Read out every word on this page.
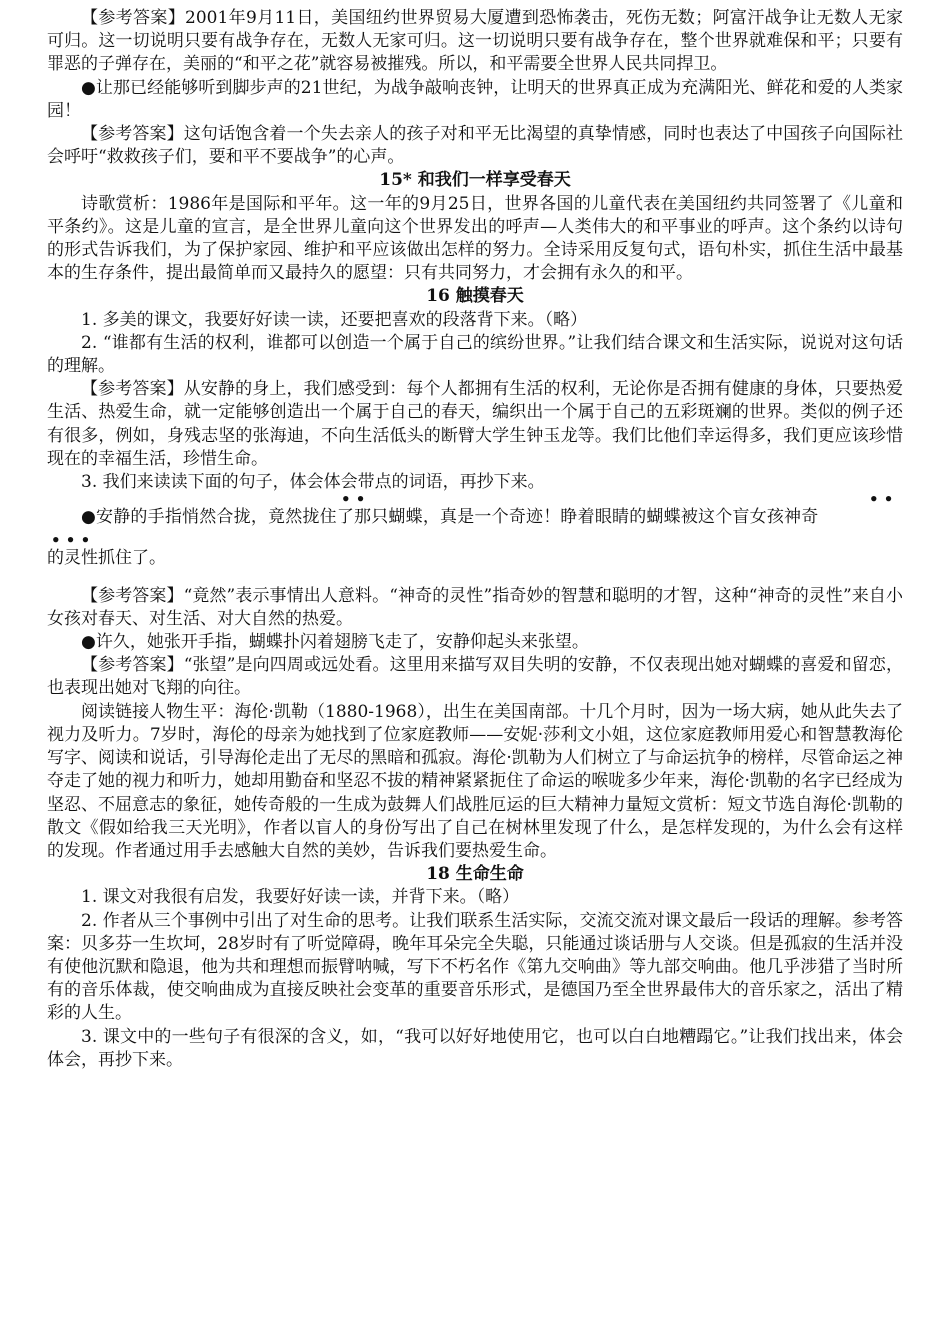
【参考答案】2001年9月11日，美国纽约世界贸易大厦遭到恐怖袭击，死伤无数；阿富汗战争让无数人无家可归。这一切说明只要有战争存在，无数人无家可归。这一切说明只要有战争存在，整个世界就难保和平；只要有罪恶的子弹存在，美丽的“和平之花”就容易被摧残。所以，和平需要全世界人民共同捍卫。

●让那已经能够听到脚步声的21世纪，为战争敲响丧钟，让明天的世界真正成为充满阳光、鲜花和爱的人类家园！

【参考答案】这句话饱含着一个失去亲人的孩子对和平无比渴望的真挚情感，同时也表达了中国孩子向国际社会呼吁“救救孩子们，要和平不要战争”的心声。

15* 和我们一样享受春天

诗歌赏析：1986年是国际和平年。这一年的9月25日，世界各国的儿童代表在美国纽约共同签署了《儿童和平条约》。这是儿童的宣言，是全世界儿童向这个世界发出的呼声—人类伟大的和平事业的呼声。这个条约以诗句的形式告诉我们，为了保护家园、维护和平应该做出怎样的努力。全诗采用反复句式，语句朴实，抓住生活中最基本的生存条件，提出最简单而又最持久的愿望：只有共同努力，才会拥有永久的和平。

16 触摸春天

1. 多美的课文，我要好好读一读，还要把喜欢的段落背下来。（略）

2. “谁都有生活的权利，谁都可以创造一个属于自己的缤纷世界。”让我们结合课文和生活实际，说说对这句话的理解。

【参考答案】从安静的身上，我们感受到：每个人都拥有生活的权利，无论你是否拥有健康的身体，只要热爱生活、热爱生命，就一定能够创造出一个属于自己的春天，编织出一个属于自己的五彩斑斓的世界。类似的例子还有很多，例如，身残志坚的张海迪，不向生活低头的断臂大学生钟玉龙等。我们比他们幸运得多，我们更应该珍惜现在的幸福生活，珍惜生命。

3. 我们来读读下面的句子，体会体会带点的词语，再抄下来。

• •	• •

●安静的手指悄然合拢，竟然拢住了那只蝴蝶，真是一个奇迹！睁着眼睛的蝴蝶被这个盲女孩神奇

• • •

的灵性抓住了。

【参考答案】“竟然”表示事情出人意料。“神奇的灵性”指奇妙的智慧和聪明的才智，这种“神奇的灵性”来自小女孩对春天、对生活、对大自然的热爱。

●许久，她张开手指，蝴蝶扑闪着翅膀飞走了，安静仰起头来张望。

【参考答案】“张望”是向四周或远处看。这里用来描写双目失明的安静，不仅表现出她对蝴蝶的喜爱和留恋，也表现出她对飞翔的向往。

阅读链接人物生平：海伦·凯勒（1880-1968），出生在美国南部。十几个月时，因为一场大病，她从此失去了视力及听力。7岁时，海伦的母亲为她找到了位家庭教师——安妮·莎利文小姐，这位家庭教师用爱心和智慧教海伦写字、阅读和说话，引导海伦走出了无尽的黑暗和孤寂。海伦·凯勒为人们树立了与命运抗争的榜样，尽管命运之神夺走了她的视力和听力，她却用勤奋和坚忍不拔的精神紧紧扼住了命运的喉咙多少年来，海伦·凯勒的名字已经成为坚忍、不屈意志的象征，她传奇般的一生成为鼓舞人们战胜厄运的巨大精神力量短文赏析：短文节选自海伦·凯勒的散文《假如给我三天光明》，作者以盲人的身份写出了自己在树林里发现了什么，是怎样发现的，为什么会有这样的发现。作者通过用手去感触大自然的美妙，告诉我们要热爱生命。

18 生命生命

1. 课文对我很有启发，我要好好读一读，并背下来。（略）

2. 作者从三个事例中引出了对生命的思考。让我们联系生活实际，交流交流对课文最后一段话的理解。参考答案：贝多芬一生坎坷，28岁时有了听觉障碍，晚年耳朵完全失聪，只能通过谈话册与人交谈。但是孤寂的生活并没有使他沉默和隐退，他为共和理想而振臂呐喊，写下不朽名作《第九交响曲》等九部交响曲。他几乎涉猎了当时所有的音乐体裁，使交响曲成为直接反映社会变革的重要音乐形式，是德国乃至全世界最伟大的音乐家之，活出了精彩的人生。

3. 课文中的一些句子有很深的含义，如，“我可以好好地使用它，也可以白白地糟蹋它。”让我们找出来，体会体会，再抄下来。
